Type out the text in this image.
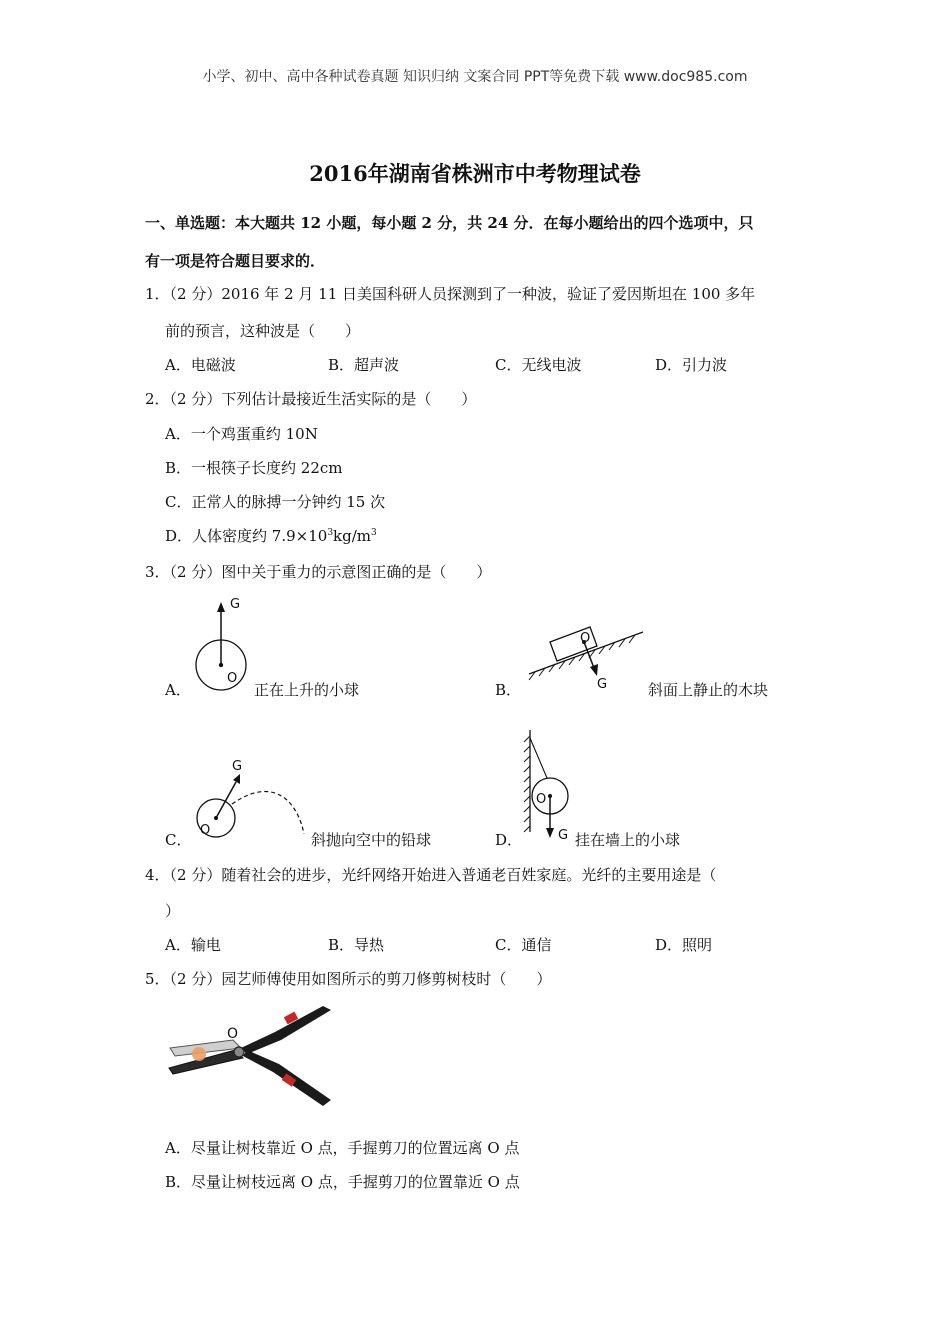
小学、初中、高中各种试卷真题 知识归纳 文案合同 PPT等免费下载 www.doc985.com
2016年湖南省株洲市中考物理试卷
一、单选题：本大题共 12 小题，每小题 2 分，共 24 分．在每小题给出的四个选项中，只
有一项是符合题目要求的．
1．（2 分）2016 年 2 月 11 日美国科研人员探测到了一种波，验证了爱因斯坦在 100 多年
前的预言，这种波是（　　）
A．电磁波	B．超声波	C．无线电波	D．引力波
2．（2 分）下列估计最接近生活实际的是（　　）
A．一个鸡蛋重约 10N
B．一根筷子长度约 22cm
C．正常人的脉搏一分钟约 15 次
D．人体密度约 $7.9\times 10^3kg/m^3$
3．（2 分）图中关于重力的示意图正确的是（　　）
A．
G
O
正在上升的小球	B．
O
G	斜面上静止的木块
C．
G
O
斜抛向空中的铅球	D．
O
G 挂在墙上的小球
4．（2 分）随着社会的进步，光纤网络开始进入普通老百姓家庭。光纤的主要用途是（
）
A．输电	B．导热	C．通信	D．照明
5．（2 分）园艺师傅使用如图所示的剪刀修剪树枝时（　　）
O
A．尽量让树枝靠近 O 点，手握剪刀的位置远离 O 点
B．尽量让树枝远离 O 点，手握剪刀的位置靠近 O 点
